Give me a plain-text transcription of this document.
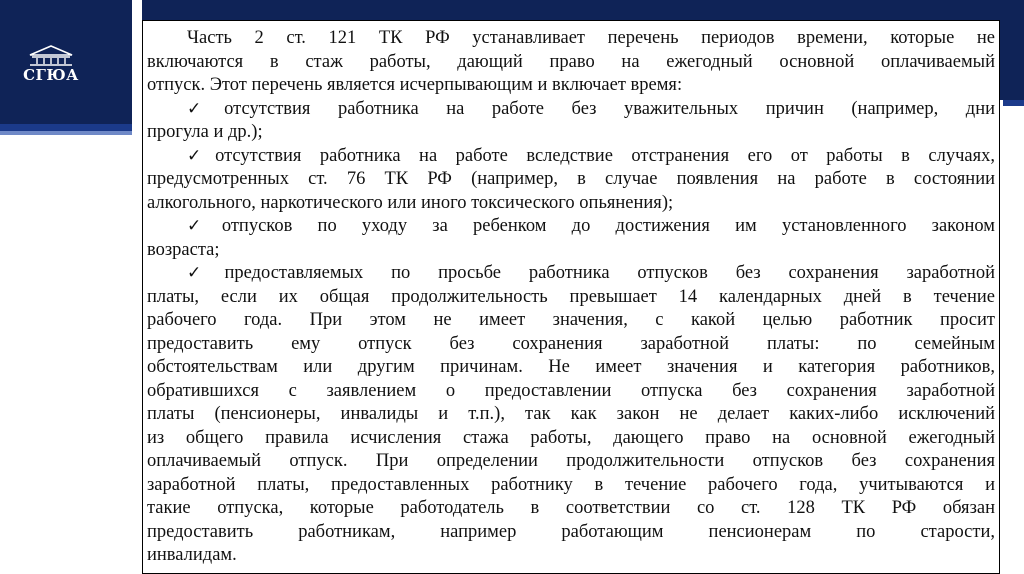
СГЮА
Часть 2 ст. 121 ТК РФ устанавливает перечень периодов времени, которые не
включаются в стаж работы, дающий право на ежегодный основной оплачиваемый
отпуск. Этот перечень является исчерпывающим и включает время:
✓отсутствия работника на работе без уважительных причин (например, дни
прогула и др.);
✓отсутствия работника на работе вследствие отстранения его от работы в случаях,
предусмотренных ст. 76 ТК РФ (например, в случае появления на работе в состоянии
алкогольного, наркотического или иного токсического опьянения);
✓отпусков по уходу за ребенком до достижения им установленного законом
возраста;
✓предоставляемых по просьбе работника отпусков без сохранения заработной
платы, если их общая продолжительность превышает 14 календарных дней в течение
рабочего года. При этом не имеет значения, с какой целью работник просит
предоставить ему отпуск без сохранения заработной платы: по семейным
обстоятельствам или другим причинам. Не имеет значения и категория работников,
обратившихся с заявлением о предоставлении отпуска без сохранения заработной
платы (пенсионеры, инвалиды и т.п.), так как закон не делает каких-либо исключений
из общего правила исчисления стажа работы, дающего право на основной ежегодный
оплачиваемый отпуск. При определении продолжительности отпусков без сохранения
заработной платы, предоставленных работнику в течение рабочего года, учитываются и
такие отпуска, которые работодатель в соответствии со ст. 128 ТК РФ обязан
предоставить работникам, например работающим пенсионерам по старости,
инвалидам.
